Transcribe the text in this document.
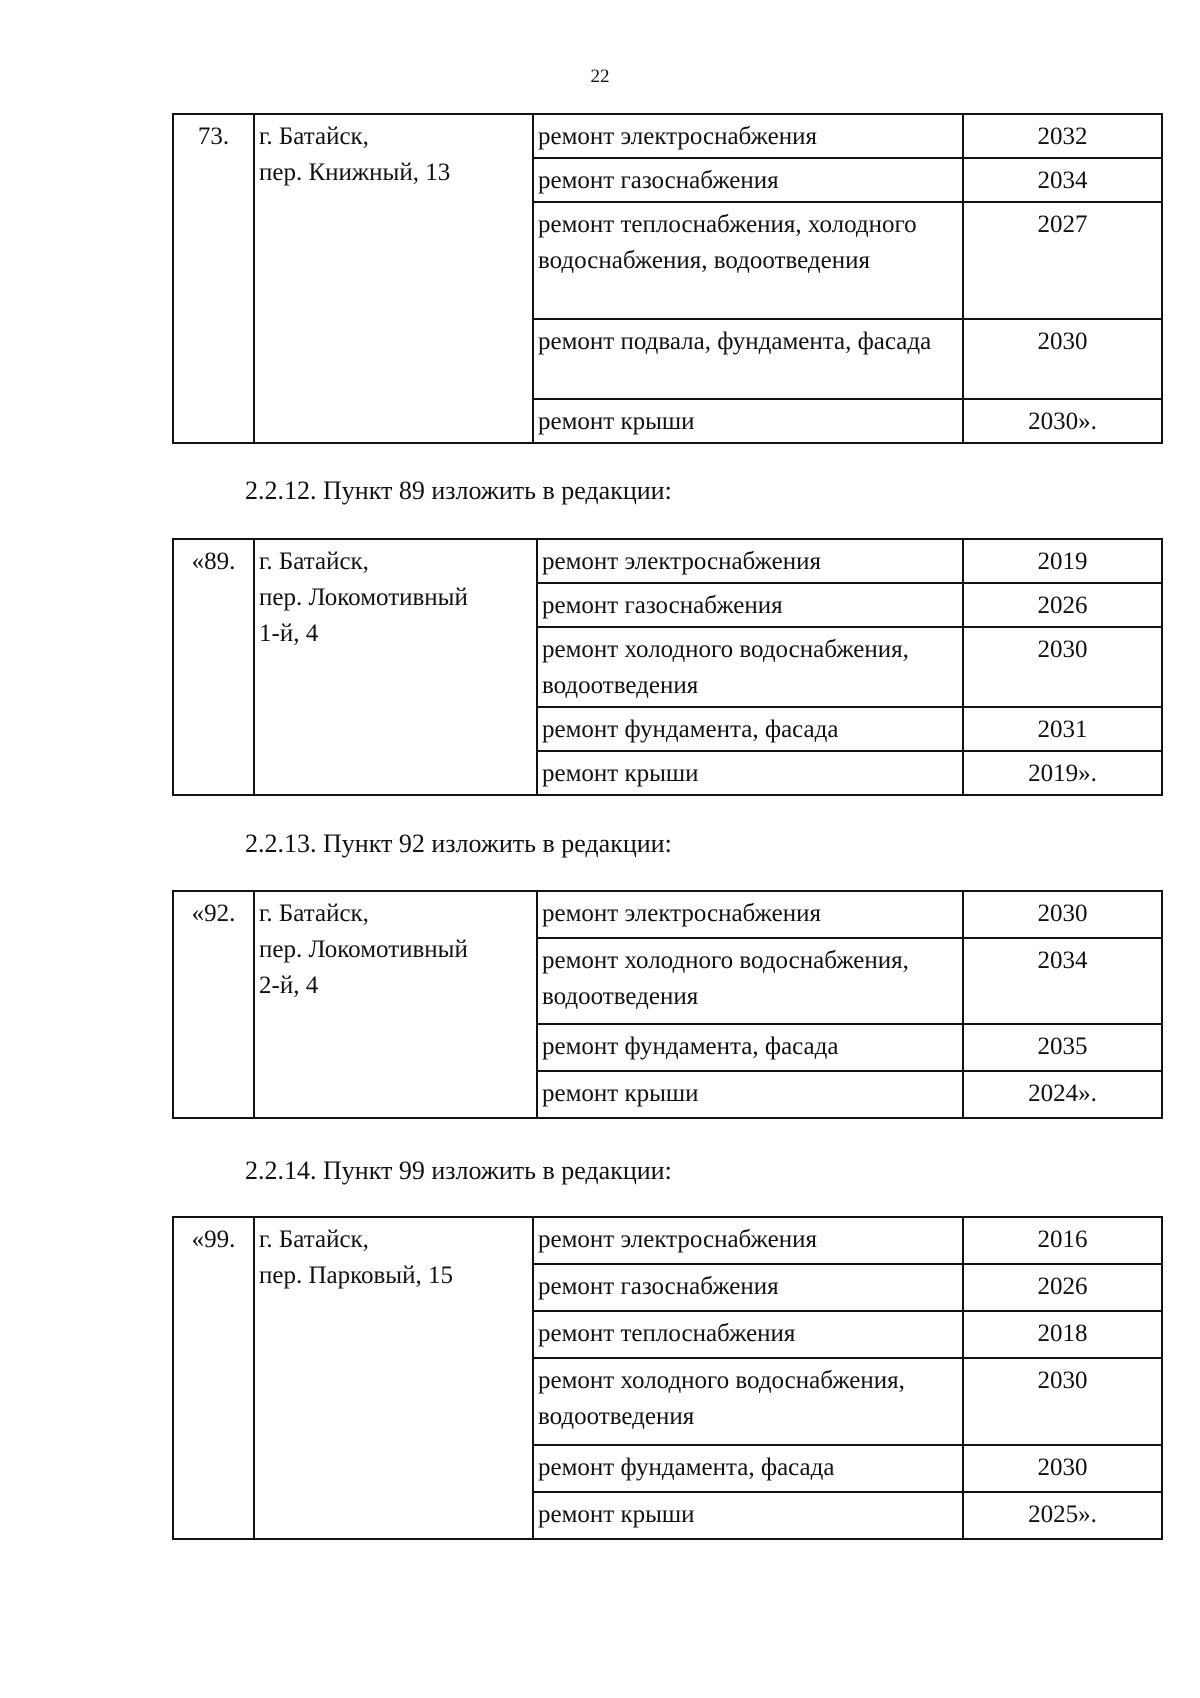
22
73.	г. Батайск,
пер. Книжный, 13	ремонт электроснабжения	2032
		ремонт газоснабжения	2034
		ремонт теплоснабжения, холодного водоснабжения, водоотведения	2027
		ремонт подвала, фундамента, фасада	2030
		ремонт крыши	2030».
2.2.12. Пункт 89 изложить в редакции:
«89.	г. Батайск,
пер. Локомотивный
1-й, 4	ремонт электроснабжения	2019
		ремонт газоснабжения	2026
		ремонт холодного водоснабжения, водоотведения	2030
		ремонт фундамента, фасада	2031
		ремонт крыши	2019».
2.2.13. Пункт 92 изложить в редакции:
«92.	г. Батайск,
пер. Локомотивный
2-й, 4	ремонт электроснабжения	2030
		ремонт холодного водоснабжения, водоотведения	2034
		ремонт фундамента, фасада	2035
		ремонт крыши	2024».
2.2.14. Пункт 99 изложить в редакции:
«99.	г. Батайск,
пер. Парковый, 15	ремонт электроснабжения	2016
		ремонт газоснабжения	2026
		ремонт теплоснабжения	2018
		ремонт холодного водоснабжения, водоотведения	2030
		ремонт фундамента, фасада	2030
		ремонт крыши	2025».
